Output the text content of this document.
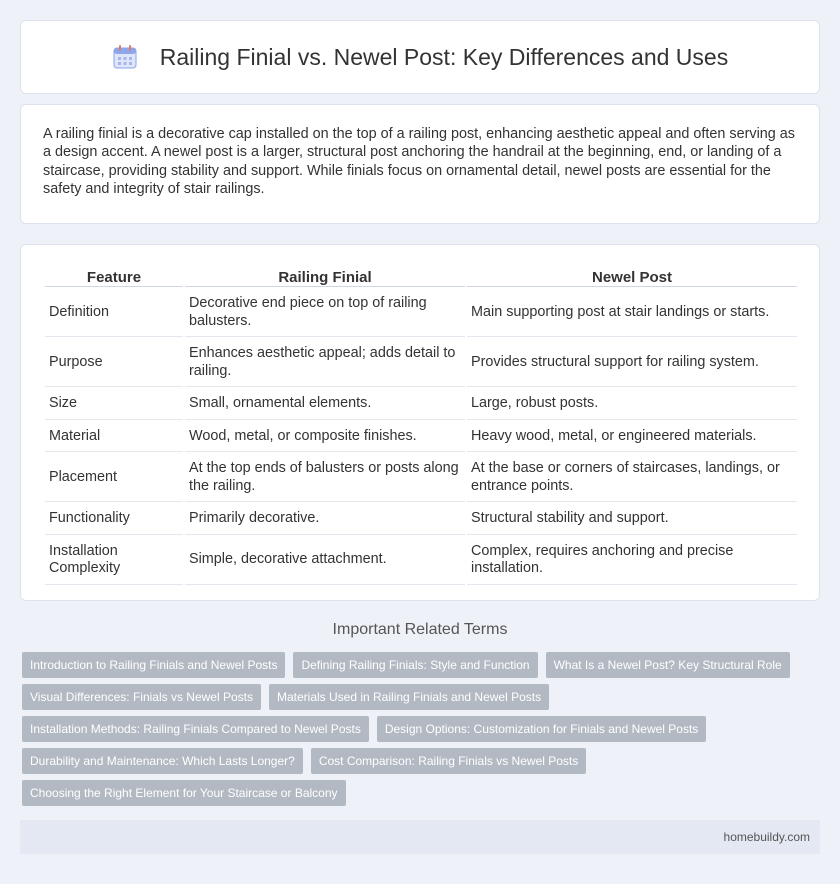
Railing Finial vs. Newel Post: Key Differences and Uses

A railing finial is a decorative cap installed on the top of a railing post, enhancing aesthetic appeal and often serving as a design accent. A newel post is a larger, structural post anchoring the handrail at the beginning, end, or landing of a staircase, providing stability and support. While finials focus on ornamental detail, newel posts are essential for the safety and integrity of stair railings.

Feature	Railing Finial	Newel Post
Definition	Decorative end piece on top of railing balusters.	Main supporting post at stair landings or starts.
Purpose	Enhances aesthetic appeal; adds detail to railing.	Provides structural support for railing system.
Size	Small, ornamental elements.	Large, robust posts.
Material	Wood, metal, or composite finishes.	Heavy wood, metal, or engineered materials.
Placement	At the top ends of balusters or posts along the railing.	At the base or corners of staircases, landings, or entrance points.
Functionality	Primarily decorative.	Structural stability and support.
Installation Complexity	Simple, decorative attachment.	Complex, requires anchoring and precise installation.
Important Related Terms
Introduction to Railing Finials and Newel Posts	Defining Railing Finials: Style and Function	What Is a Newel Post? Key Structural Role
Visual Differences: Finials vs Newel Posts	Materials Used in Railing Finials and Newel Posts
Installation Methods: Railing Finials Compared to Newel Posts	Design Options: Customization for Finials and Newel Posts
Durability and Maintenance: Which Lasts Longer?	Cost Comparison: Railing Finials vs Newel Posts
Choosing the Right Element for Your Staircase or Balcony
homebuildy.com
